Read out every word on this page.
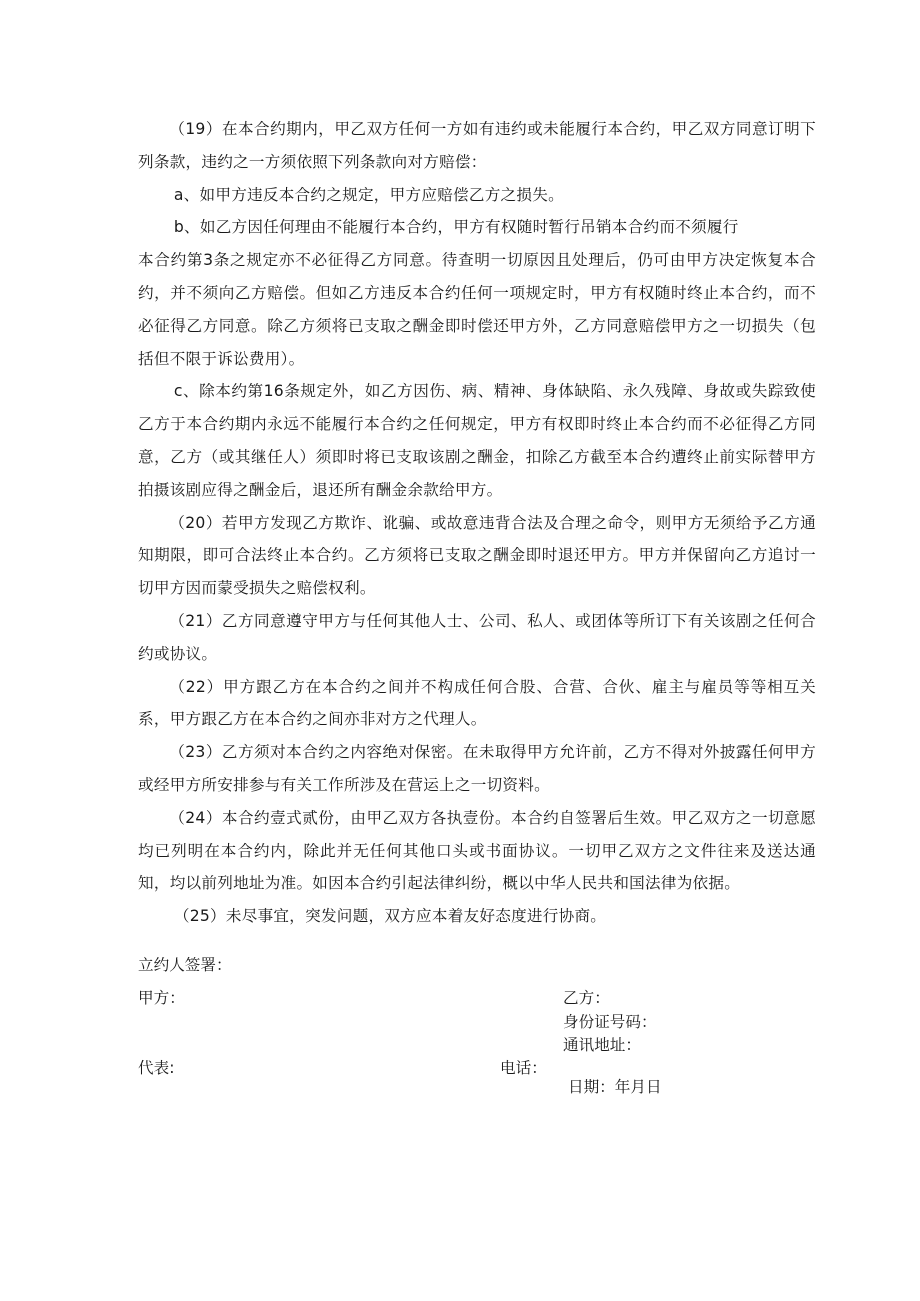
（19）在本合约期内，甲乙双方任何一方如有违约或未能履行本合约，甲乙双方同意订明下列条款，违约之一方须依照下列条款向对方赔偿：

a、如甲方违反本合约之规定，甲方应赔偿乙方之损失。

b、如乙方因任何理由不能履行本合约，甲方有权随时暂行吊销本合约而不须履行

本合约第3条之规定亦不必征得乙方同意。待查明一切原因且处理后，仍可由甲方决定恢复本合约，并不须向乙方赔偿。但如乙方违反本合约任何一项规定时，甲方有权随时终止本合约，而不必征得乙方同意。除乙方须将已支取之酬金即时偿还甲方外，乙方同意赔偿甲方之一切损失（包括但不限于诉讼费用）。

c、除本约第16条规定外，如乙方因伤、病、精神、身体缺陷、永久残障、身故或失踪致使乙方于本合约期内永远不能履行本合约之任何规定，甲方有权即时终止本合约而不必征得乙方同意，乙方（或其继任人）须即时将已支取该剧之酬金，扣除乙方截至本合约遭终止前实际替甲方拍摄该剧应得之酬金后，退还所有酬金余款给甲方。

（20）若甲方发现乙方欺诈、讹骗、或故意违背合法及合理之命令，则甲方无须给予乙方通知期限，即可合法终止本合约。乙方须将已支取之酬金即时退还甲方。甲方并保留向乙方追讨一切甲方因而蒙受损失之赔偿权利。

（21）乙方同意遵守甲方与任何其他人士、公司、私人、或团体等所订下有关该剧之任何合约或协议。

（22）甲方跟乙方在本合约之间并不构成任何合股、合营、合伙、雇主与雇员等等相互关系，甲方跟乙方在本合约之间亦非对方之代理人。

（23）乙方须对本合约之内容绝对保密。在未取得甲方允许前，乙方不得对外披露任何甲方或经甲方所安排参与有关工作所涉及在营运上之一切资料。

（24）本合约壹式贰份，由甲乙双方各执壹份。本合约自签署后生效。甲乙双方之一切意愿均已列明在本合约内，除此并无任何其他口头或书面协议。一切甲乙双方之文件往来及送达通知，均以前列地址为准。如因本合约引起法律纠纷，概以中华人民共和国法律为依据。

（25）未尽事宜，突发问题，双方应本着友好态度进行协商。

立约人签署：
甲方：	乙方：
身份证号码：
通讯地址：
代表:	电话：
日期：年月日
